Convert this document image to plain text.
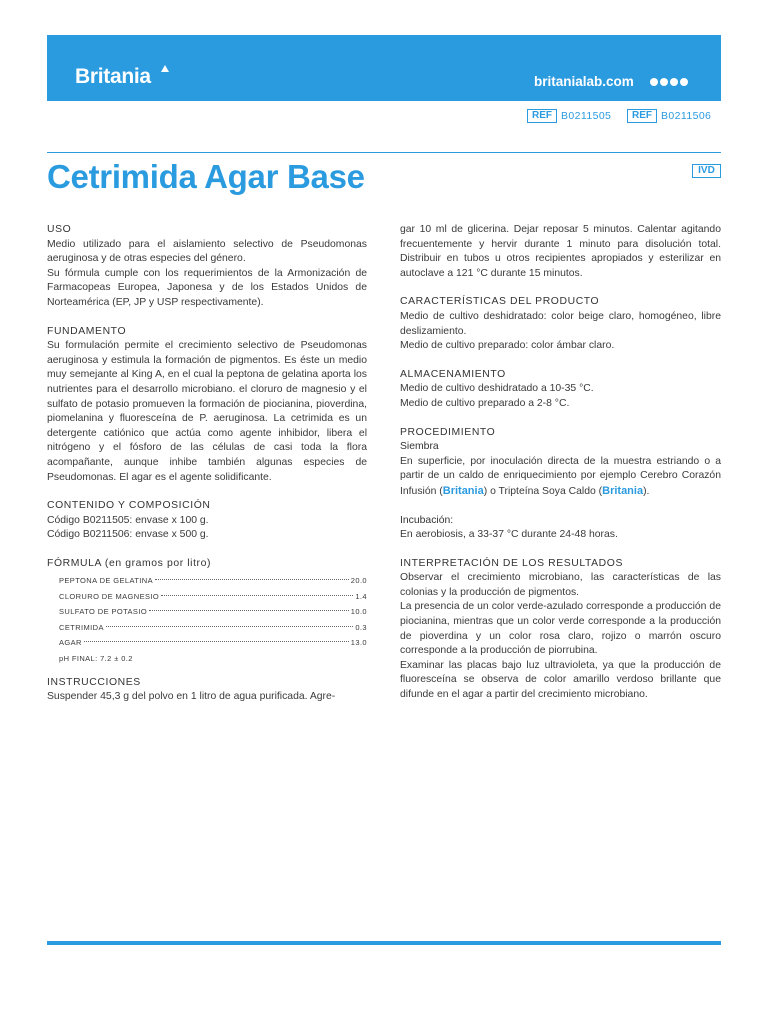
Britania	britanialab.com
REF B0211505	REF B0211506
Cetrimida Agar Base	IVD
USO

Medio utilizado para el aislamiento selectivo de Pseudomonas aeruginosa y de otras especies del género.

Su fórmula cumple con los requerimientos de la Armonización de Farmacopeas Europea, Japonesa y de los Estados Unidos de Norteamérica (EP, JP y USP respectivamente).

FUNDAMENTO

Su formulación permite el crecimiento selectivo de Pseudomonas aeruginosa y estimula la formación de pigmentos. Es éste un medio muy semejante al King A, en el cual la peptona de gelatina aporta los nutrientes para el desarrollo microbiano. el cloruro de magnesio y el sulfato de potasio promueven la formación de piocianina, pioverdina, piomelanina y fluoresceína de P. aeruginosa. La cetrimida es un detergente catiónico que actúa como agente inhibidor, libera el nitrógeno y el fósforo de las células de casi toda la flora acompañante, aunque inhibe también algunas especies de Pseudomonas. El agar es el agente solidificante.

CONTENIDO Y COMPOSICIÓN

Código B0211505: envase x 100 g.

Código B0211506: envase x 500 g.

FÓRMULA (en gramos por litro)
PEPTONA DE GELATINA	20.0
CLORURO DE MAGNESIO	1.4
SULFATO DE POTASIO	10.0
CETRIMIDA	0.3
AGAR	13.0
pH FINAL: 7.2 ± 0.2
INSTRUCCIONES

Suspender 45,3 g del polvo en 1 litro de agua purificada. Agre-

gar 10 ml de glicerina. Dejar reposar 5 minutos. Calentar agitando frecuentemente y hervir durante 1 minuto para disolución total. Distribuir en tubos u otros recipientes apropiados y esterilizar en autoclave a 121 °C durante 15 minutos.

CARACTERÍSTICAS DEL PRODUCTO

Medio de cultivo deshidratado: color beige claro, homogéneo, libre deslizamiento.

Medio de cultivo preparado: color ámbar claro.

ALMACENAMIENTO

Medio de cultivo deshidratado a 10-35 °C.

Medio de cultivo preparado a 2-8 °C.

PROCEDIMIENTO
Siembra

En superficie, por inoculación directa de la muestra estriando o a partir de un caldo de enriquecimiento por ejemplo Cerebro Corazón Infusión (Britania) o Tripteína Soya Caldo (Britania).

Incubación:

En aerobiosis, a 33-37 °C durante 24-48 horas.

INTERPRETACIÓN DE LOS RESULTADOS

Observar el crecimiento microbiano, las características de las colonias y la producción de pigmentos.

La presencia de un color verde-azulado corresponde a producción de piocianina, mientras que un color verde corresponde a la producción de pioverdina y un color rosa claro, rojizo o marrón oscuro corresponde a la producción de piorrubina.

Examinar las placas bajo luz ultravioleta, ya que la producción de fluoresceína se observa de color amarillo verdoso brillante que difunde en el agar a partir del crecimiento microbiano.
